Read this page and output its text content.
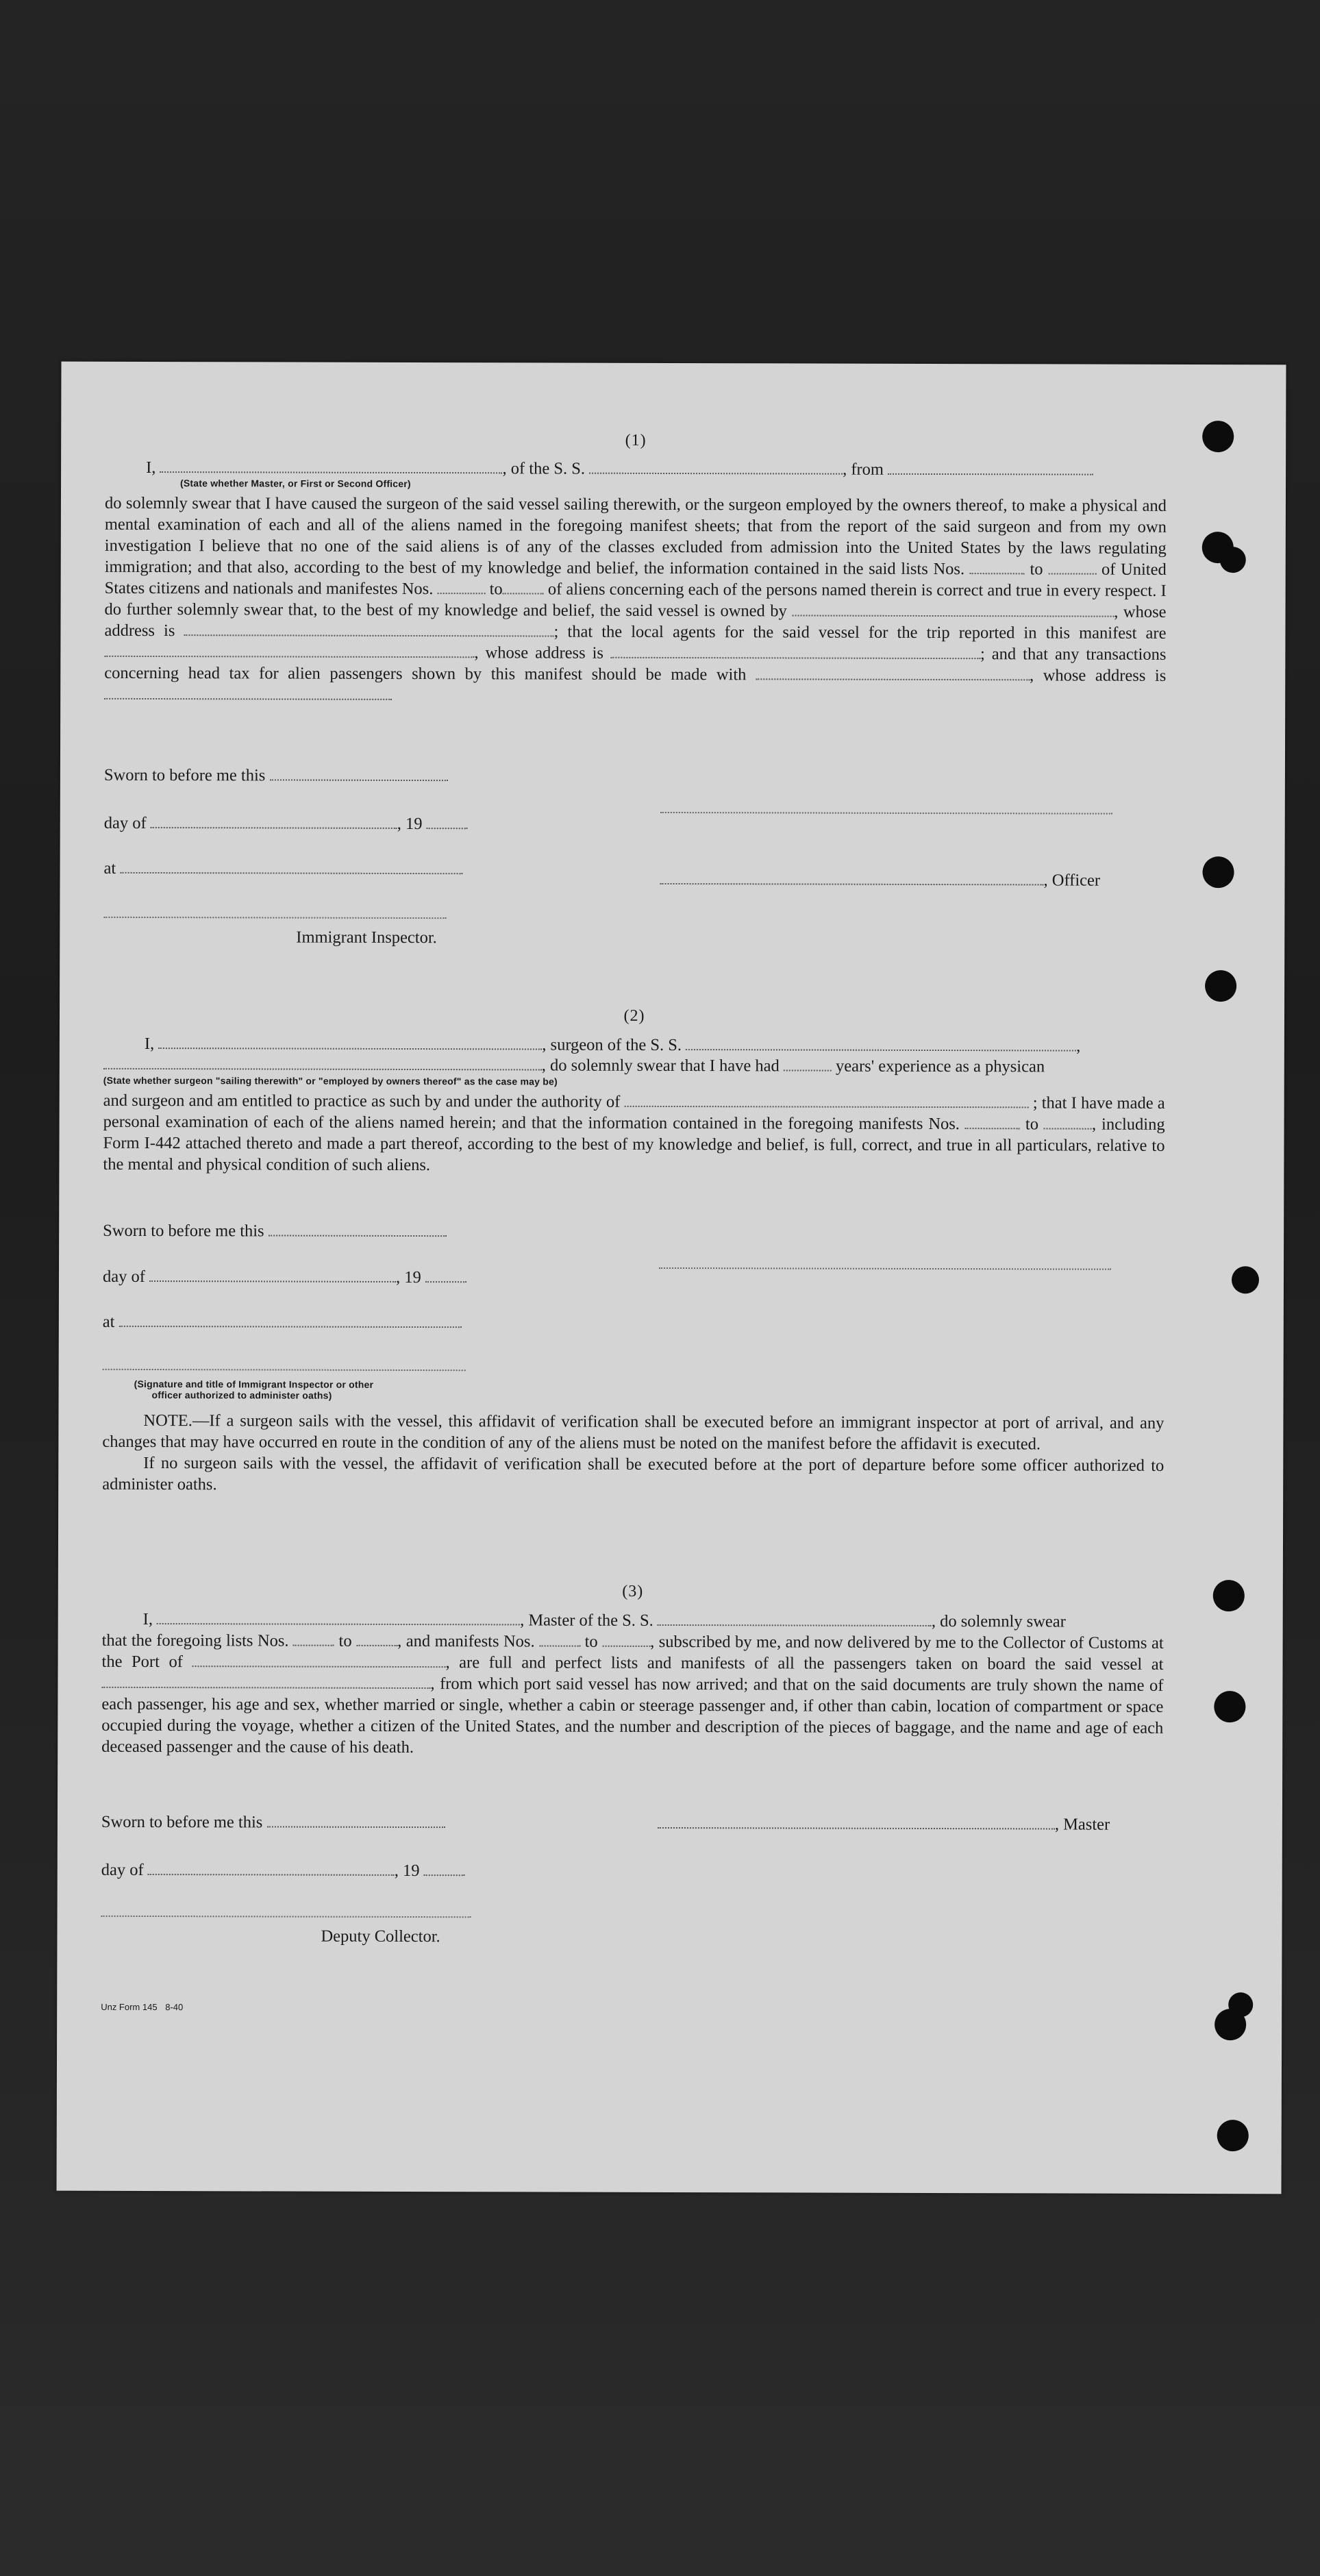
(1)
I,	, of the S. S.	, from
(State whether Master, or First or Second Officer)

do solemnly swear that I have caused the surgeon of the said vessel sailing therewith, or the surgeon employed by the owners thereof, to make a physical and mental examination of each and all of the aliens named in the foregoing manifest sheets; that from the report of the said surgeon and from my own investigation I believe that no one of the said aliens is of any of the classes excluded from admission into the United States by the laws regulating immigration; and that also, according to the best of my knowledge and belief, the information contained in the said lists Nos.	to	of United States citizens and nationals and manifestes Nos.	to	of aliens concerning each of the persons named therein is correct and true in every respect. I do further solemnly swear that, to the best of my knowledge and belief, the said vessel is owned by	, whose address is	; that the local agents for the said vessel for the trip reported in this manifest are , whose address is	; and that any transactions concerning head tax for alien passengers shown by this manifest should be made with	, whose address is

Sworn to before me this
day of	, 19
at
, Officer
Immigrant Inspector.
(2)
I,	, surgeon of the S. S.	,
, do solemnly swear that I have had	years' experience as a physican
(State whether surgeon "sailing therewith" or "employed by owners thereof" as the case may be)

and surgeon and am entitled to practice as such by and under the authority of	; that I have made a personal examination of each of the aliens named herein; and that the information contained in the foregoing manifests Nos.	to	, including Form I-442 attached thereto and made a part thereof, according to the best of my knowledge and belief, is full, correct, and true in all particulars, relative to the mental and physical condition of such aliens.

Sworn to before me this
day of	, 19
at
(Signature and title of Immigrant Inspector or other
officer authorized to administer oaths)

NOTE.—If a surgeon sails with the vessel, this affidavit of verification shall be executed before an immigrant inspector at port of arrival, and any changes that may have occurred en route in the condition of any of the aliens must be noted on the manifest before the affidavit is executed.

If no surgeon sails with the vessel, the affidavit of verification shall be executed before at the port of departure before some officer authorized to administer oaths.

(3)
I,	, Master of the S. S.	, do solemnly swear

that the foregoing lists Nos.	to	, and manifests Nos.	to	, subscribed by me, and now delivered by me to the Collector of Customs at the Port of	, are full and perfect lists and manifests of all the passengers taken on board the said vessel at , from which port said vessel has now arrived; and that on the said documents are truly shown the name of each passenger, his age and sex, whether married or single, whether a cabin or steerage passenger and, if other than cabin, location of compartment or space occupied during the voyage, whether a citizen of the United States, and the number and description of the pieces of baggage, and the name and age of each deceased passenger and the cause of his death.

Sworn to before me this	, Master
day of	, 19
Deputy Collector.
Unz Form 145 8-40
